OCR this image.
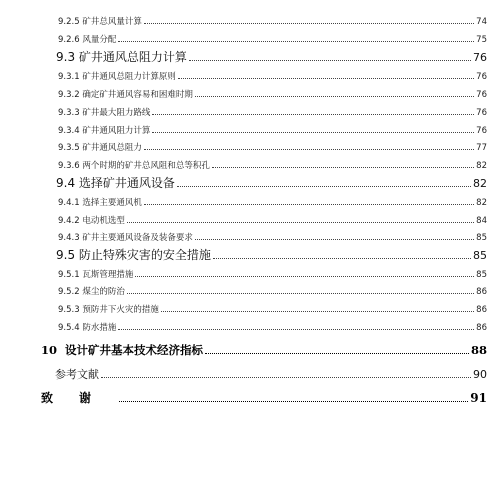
9.2.5 矿井总风量计算	74
9.2.6 风量分配	75
9.3 矿井通风总阻力计算	76
9.3.1 矿井通风总阻力计算原则	76
9.3.2 确定矿井通风容易和困难时期	76
9.3.3 矿井最大阻力路线	76
9.3.4 矿井通风阻力计算	76
9.3.5 矿井通风总阻力	77
9.3.6 两个时期的矿井总风阻和总等积孔	82
9.4 选择矿井通风设备	82
9.4.1 选择主要通风机	82
9.4.2 电动机选型	84
9.4.3 矿井主要通风设备及装备要求	85
9.5 防止特殊灾害的安全措施	85
9.5.1 瓦斯管理措施	85
9.5.2 煤尘的防治	86
9.5.3 预防井下火灾的措施	86
9.5.4 防水措施	86
10 设计矿井基本技术经济指标	88
参考文献	90
致谢	91
